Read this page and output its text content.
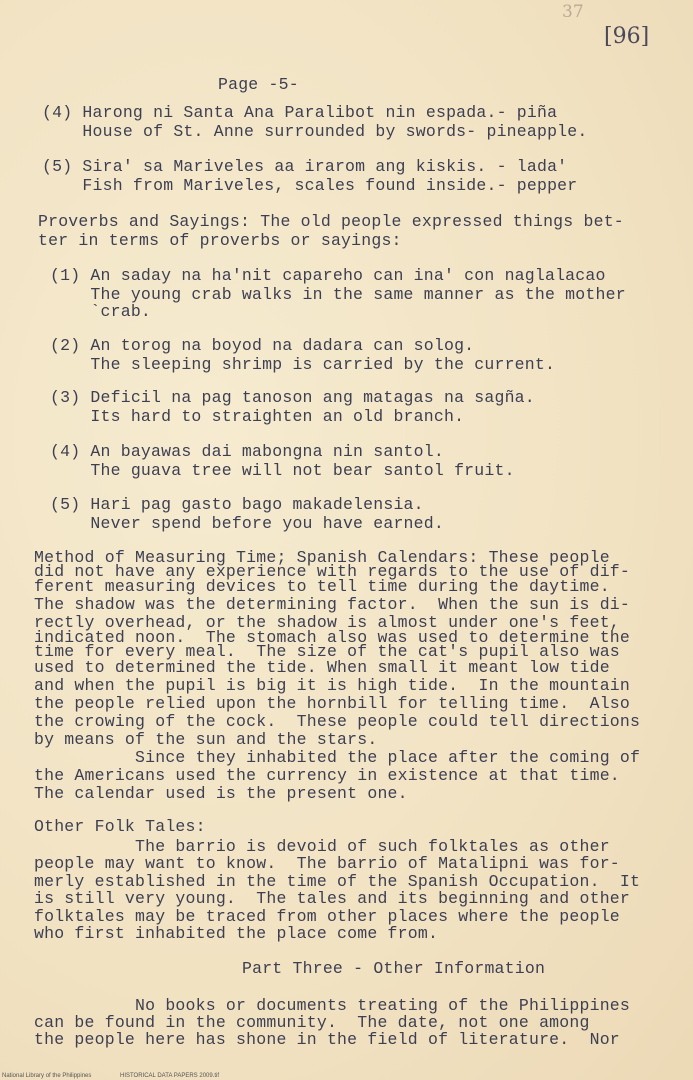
37
[96]
Page -5-
(4) Harong ni Santa Ana Paralibot nin espada.- piña
House of St. Anne surrounded by swords- pineapple.
(5) Sira' sa Mariveles aa irarom ang kiskis. - lada'
Fish from Mariveles, scales found inside.- pepper
Proverbs and Sayings: The old people expressed things bet-
ter in terms of proverbs or sayings:
(1) An saday na ha'nit capareho can ina' con naglalacao
The young crab walks in the same manner as the mother
`crab.
(2) An torog na boyod na dadara can solog.
The sleeping shrimp is carried by the current.
(3) Deficil na pag tanoson ang matagas na sagña.
Its hard to straighten an old branch.
(4) An bayawas dai mabongna nin santol.
The guava tree will not bear santol fruit.
(5) Hari pag gasto bago makadelensia.
Never spend before you have earned.
Method of Measuring Time; Spanish Calendars: These people
did not have any experience with regards to the use of dif-
ferent measuring devices to tell time during the daytime.
The shadow was the determining factor.  When the sun is di-
rectly overhead, or the shadow is almost under one's feet,
indicated noon.  The stomach also was used to determine the
time for every meal.  The size of the cat's pupil also was
used to determined the tide. When small it meant low tide
and when the pupil is big it is high tide.  In the mountain
the people relied upon the hornbill for telling time.  Also
the crowing of the cock.  These people could tell directions
by means of the sun and the stars.
Since they inhabited the place after the coming of
the Americans used the currency in existence at that time.
The calendar used is the present one.
Other Folk Tales:
The barrio is devoid of such folktales as other
people may want to know.  The barrio of Matalipni was for-
merly established in the time of the Spanish Occupation.  It
is still very young.  The tales and its beginning and other
folktales may be traced from other places where the people
who first inhabited the place come from.
Part Three - Other Information
No books or documents treating of the Philippines
can be found in the community.  The date, not one among
the people here has shone in the field of literature.  Nor
National Library of the Philippines	HISTORICAL DATA PAPERS 2009.tif
